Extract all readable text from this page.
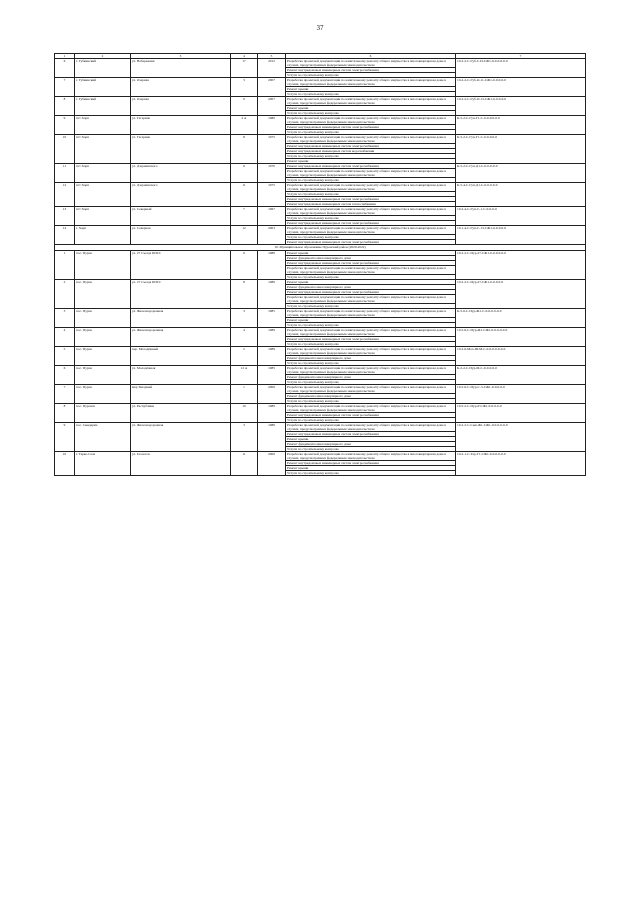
37
1	2	3	4	5	6	7
6	г. Губкинский	ул. Набережная	17	2012	Разработка проектной документации по капитальному ремонту общего имущества в многоквартирном доме в случаях, предусмотренных федеральным законодательством	10-2-2-С-Губ-С-И-СЖ1-0-0-0-0-0-0
					Ремонт внутридомовых инженерных систем электроснабжения	
					Услуги по строительному контролю	
7	г. Губкинский	ул. Озерная	3	2007	Разработка проектной документации по капитальному ремонту общего имущества в многоквартирном доме в случаях, предусмотренных федеральным законодательством	10-2-2-С-Губ-О-11-СЖ1-0-0-0-0-0
					Ремонт крыши	
					Услуги по строительному контролю	
8	г. Губкинский	ул. Озерная	9	2007	Разработка проектной документации по капитальному ремонту общего имущества в многоквартирном доме в случаях, предусмотренных федеральным законодательством	10-2-2-С-Губ-О-13-СЖ1-0-0-0-0-0
					Ремонт крыши	
					Услуги по строительному контролю	
9	пгт Харп	ул. Гагарина	2 А	1980	Разработка проектной документации по капитальному ремонту общего имущества в многоквартирном доме в случаях, предусмотренных федеральным законодательством	К-5-2-С-Гуп-Г1-С-0-0-0-0-0-0
					Ремонт внутридомовых инженерных систем электроснабжения	
					Услуги по строительному контролю	
10	пгт Харп	ул. Гагарина	8	1975	Разработка проектной документации по капитальному ремонту общего имущества в многоквартирном доме в случаях, предусмотренных федеральным законодательством	К-5-2-С-Гуп-Г1-С-0-0-0-0-0
					Ремонт внутридомовых инженерных систем электроснабжения	
					Ремонт внутридомовых инженерных систем водоснабжения	
					Услуги по строительному контролю	
					Ремонт крыши	
11	пгт Харп	ул. Дзержинского	6	1970	Ремонт внутридомовых инженерных систем электроснабжения	К-5-2-С-Гуп-Д1-С-0-0-0-0-0
					Разработка проектной документации по капитальному ремонту общего имущества в многоквартирном доме в случаях, предусмотренных федеральным законодательством	
					Услуги по строительному контролю	
12	пгт Харп	ул. Дзержинского	11	1975	Разработка проектной документации по капитальному ремонту общего имущества в многоквартирном доме в случаях, предусмотренных федеральным законодательством	К-5-4-С-Гуп-Д1-С-0-0-0-0-0
					Услуги по строительному контролю	
					Ремонт внутридомовых инженерных систем электроснабжения	
					Ремонт внутридомовых инженерных систем теплоснабжения	
13	пгт Харп	ул. Северный	7	1967	Разработка проектной документации по капитальному ремонту общего имущества в многоквартирном доме в случаях, предусмотренных федеральным законодательством	10-2-4-С-Гуп-С-1-С-0-0-0-0
					Услуги по строительному контролю	
					Ремонт внутридомовых инженерных систем электроснабжения	
14	г. Харп	ул. Северная	12	2003	Разработка проектной документации по капитальному ремонту общего имущества в многоквартирном доме в случаях, предусмотренных федеральным законодательством	10-1-4-С-Гуп-С-13-СЖ1-0-0-0-0-0
					Услуги по строительному контролю	
					Ремонт внутридомовых инженерных систем электроснабжения	
10. Муниципальное образование Пуровский район (2020-2022)						
1	пос. Пурпе	ул. 27 Съезда КПСС	6	1986	Ремонт крыши	10-2-2-С-Пур-27-СЖ1-0-0-0-0-0-0
					Ремонт фундамента многоквартирного дома	
					Ремонт внутридомовых инженерных систем электроснабжения	
					Разработка проектной документации по капитальному ремонту общего имущества в многоквартирном доме в случаях, предусмотренных федеральным законодательством	
					Услуги по строительному контролю	
2	пос. Пурпе	ул. 27 Съезда КПСС	8	1986	Ремонт крыши	10-2-2-С-Пур-27-СЖ1-0-0-0-0-0
					Ремонт фундамента многоквартирного дома	
					Ремонт внутридомовых инженерных систем электроснабжения	
					Разработка проектной документации по капитальному ремонту общего имущества в многоквартирном доме в случаях, предусмотренных федеральным законодательством	
					Услуги по строительному контролю	
3	пос. Пурпе	ул. Железнодорожная	3	1985	Разработка проектной документации по капитальному ремонту общего имущества в многоквартирном доме в случаях, предусмотренных федеральным законодательством	К-5-6-С-Пур-Ж1-С-0-0-0-0-0-0
					Ремонт крыши	
					Услуги по строительному контролю	
4	пос. Пурпе	ул. Железнодорожная	4	1989	Разработка проектной документации по капитальному ремонту общего имущества в многоквартирном доме в случаях, предусмотренных федеральным законодательством	10-5-6-С-Пур-Ж1-СЖ1-0-0-0-0-0-0
					Ремонт внутридомовых инженерных систем электроснабжения	
					Услуги по строительному контролю	
5	пос. Пурпе	пер. Молодёжный	2	1989	Разработка проектной документации по капитальному ремонту общего имущества в многоквартирном доме в случаях, предусмотренных федеральным законодательством	10-2-6-Мол-Ш-М-С-0-0-0-0-0-0-0
					Ремонт фундамента многоквартирного дома	
					Услуги по строительному контролю	
6	пос. Пурпе	ул. Молодёжная	12 А	1985	Разработка проектной документации по капитальному ремонту общего имущества в многоквартирном доме в случаях, предусмотренных федеральным законодательством	К-2-2-С-Пур-М-С-0-0-0-0-0
					Ремонт фундамента многоквартирного дома	
					Услуги по строительному контролю	
7	пос. Пурпе	мкр Звездный	1	2006	Разработка проектной документации по капитальному ремонту общего имущества в многоквартирном доме в случаях, предусмотренных федеральным законодательством	10-5-6-С-Пур-С-3-СЖ1-0-0-0-0-0
					Ремонт фундамента многоквартирного дома	
					Услуги по строительному контролю	
8	пос. Пуровск	ул. Республики	10	1989	Разработка проектной документации по капитальному ремонту общего имущества в многоквартирном доме в случаях, предусмотренных федеральным законодательством	10-5-2-С-Пур-Р-СЖ1-0-0-0-0-0
					Ремонт внутридомовых инженерных систем электроснабжения	
					Услуги по строительному контролю	
9	пос. Сывдарма	ул. Железнодорожная	3	1986	Разработка проектной документации по капитальному ремонту общего имущества в многоквартирном доме в случаях, предусмотренных федеральным законодательством	10-2-2-С-Сыв-Ж1-СЖ1-0-0-0-0-0-0
					Ремонт внутридомовых инженерных систем электроснабжения	
					Ремонт крыши	
					Ремонт фундамента многоквартирного дома	
					Услуги по строительному контролю	
10	г. Тарко-Сале	ул. Геологов	11	2006	Разработка проектной документации по капитальному ремонту общего имущества в многоквартирном доме в случаях, предусмотренных федеральным законодательством	10-2-1-С-Тар-Г1-СЖ1-0-0-0-0-0-0
					Ремонт внутридомовых инженерных систем электроснабжения	
					Ремонт крыши	
					Услуги по строительному контролю	
